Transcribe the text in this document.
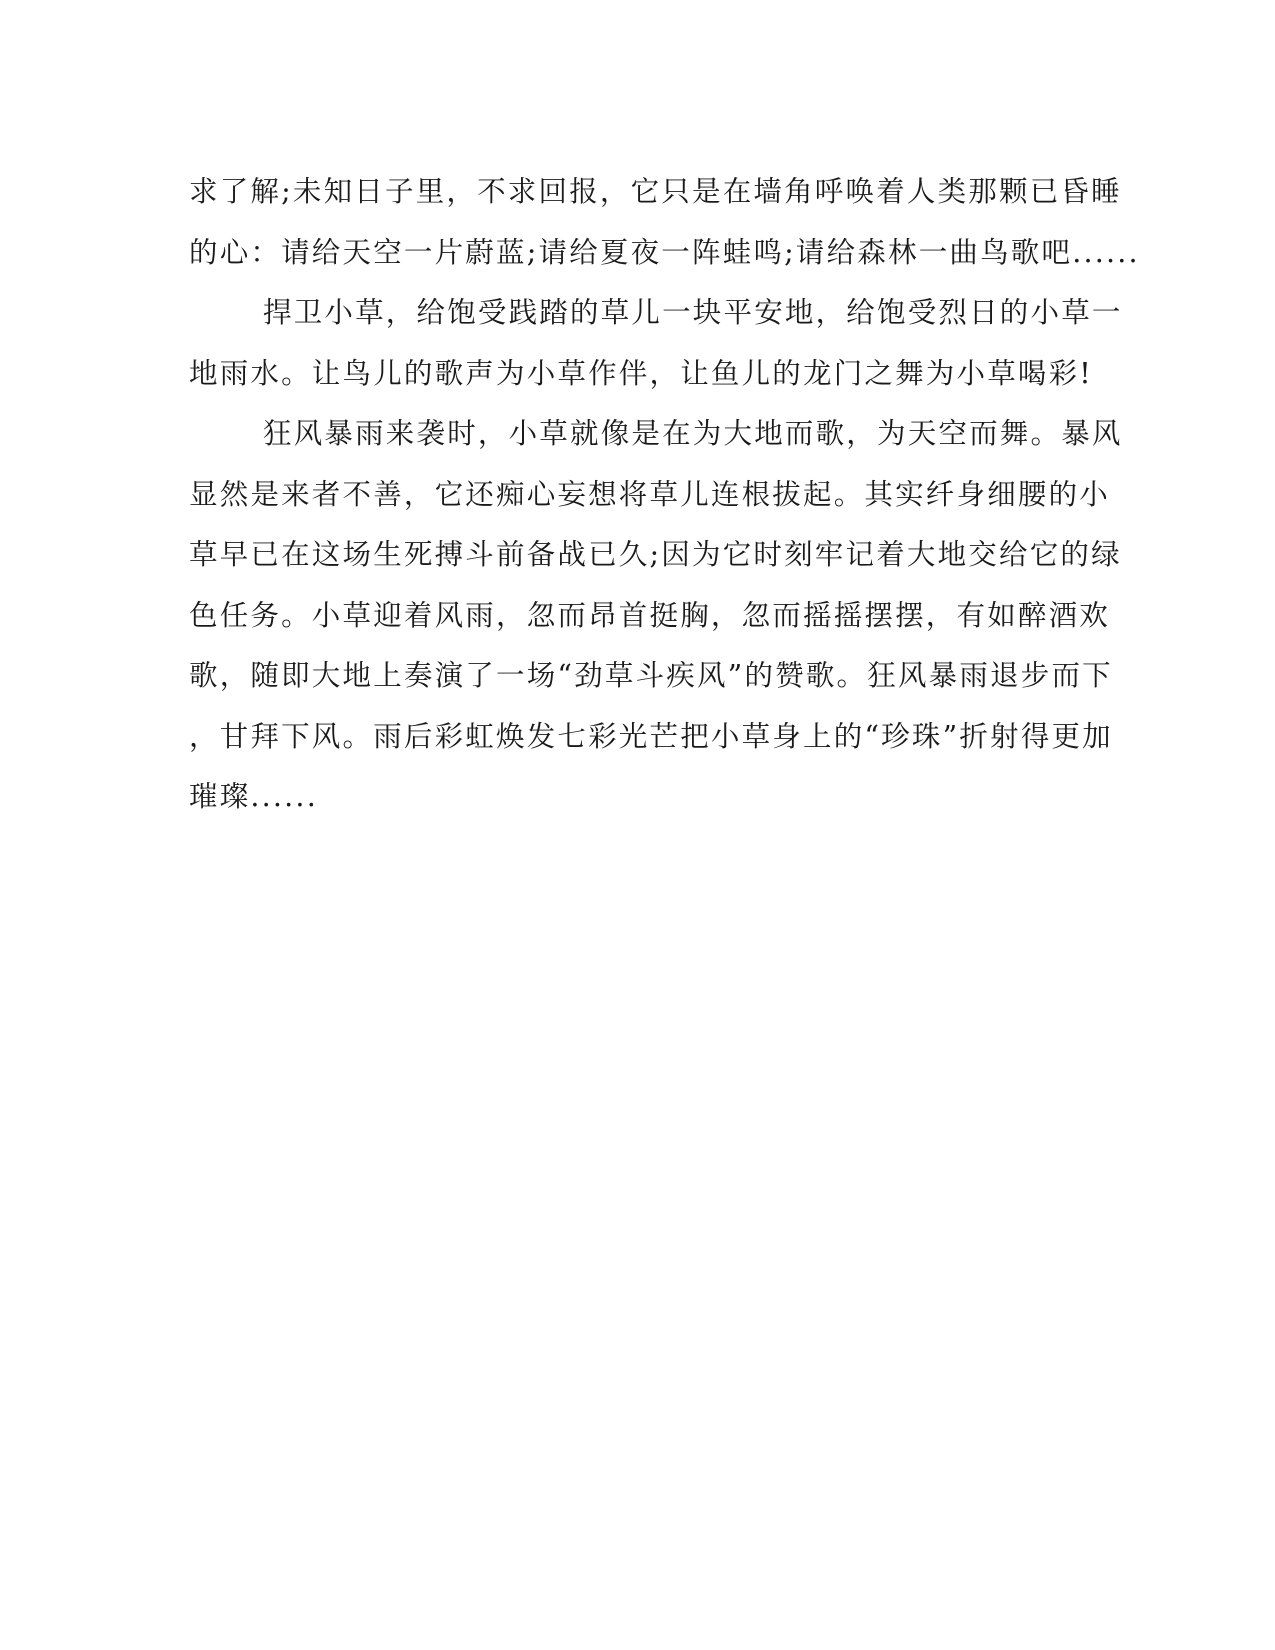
求了解;未知日子里，不求回报，它只是在墙角呼唤着人类那颗已昏睡
的心：请给天空一片蔚蓝;请给夏夜一阵蛙鸣;请给森林一曲鸟歌吧......
捍卫小草，给饱受践踏的草儿一块平安地，给饱受烈日的小草一
地雨水。让鸟儿的歌声为小草作伴，让鱼儿的龙门之舞为小草喝彩!
狂风暴雨来袭时，小草就像是在为大地而歌，为天空而舞。暴风
显然是来者不善，它还痴心妄想将草儿连根拔起。其实纤身细腰的小
草早已在这场生死搏斗前备战已久;因为它时刻牢记着大地交给它的绿
色任务。小草迎着风雨，忽而昂首挺胸，忽而摇摇摆摆，有如醉酒欢
歌，随即大地上奏演了一场“劲草斗疾风”的赞歌。狂风暴雨退步而下
，甘拜下风。雨后彩虹焕发七彩光芒把小草身上的“珍珠”折射得更加
璀璨......
